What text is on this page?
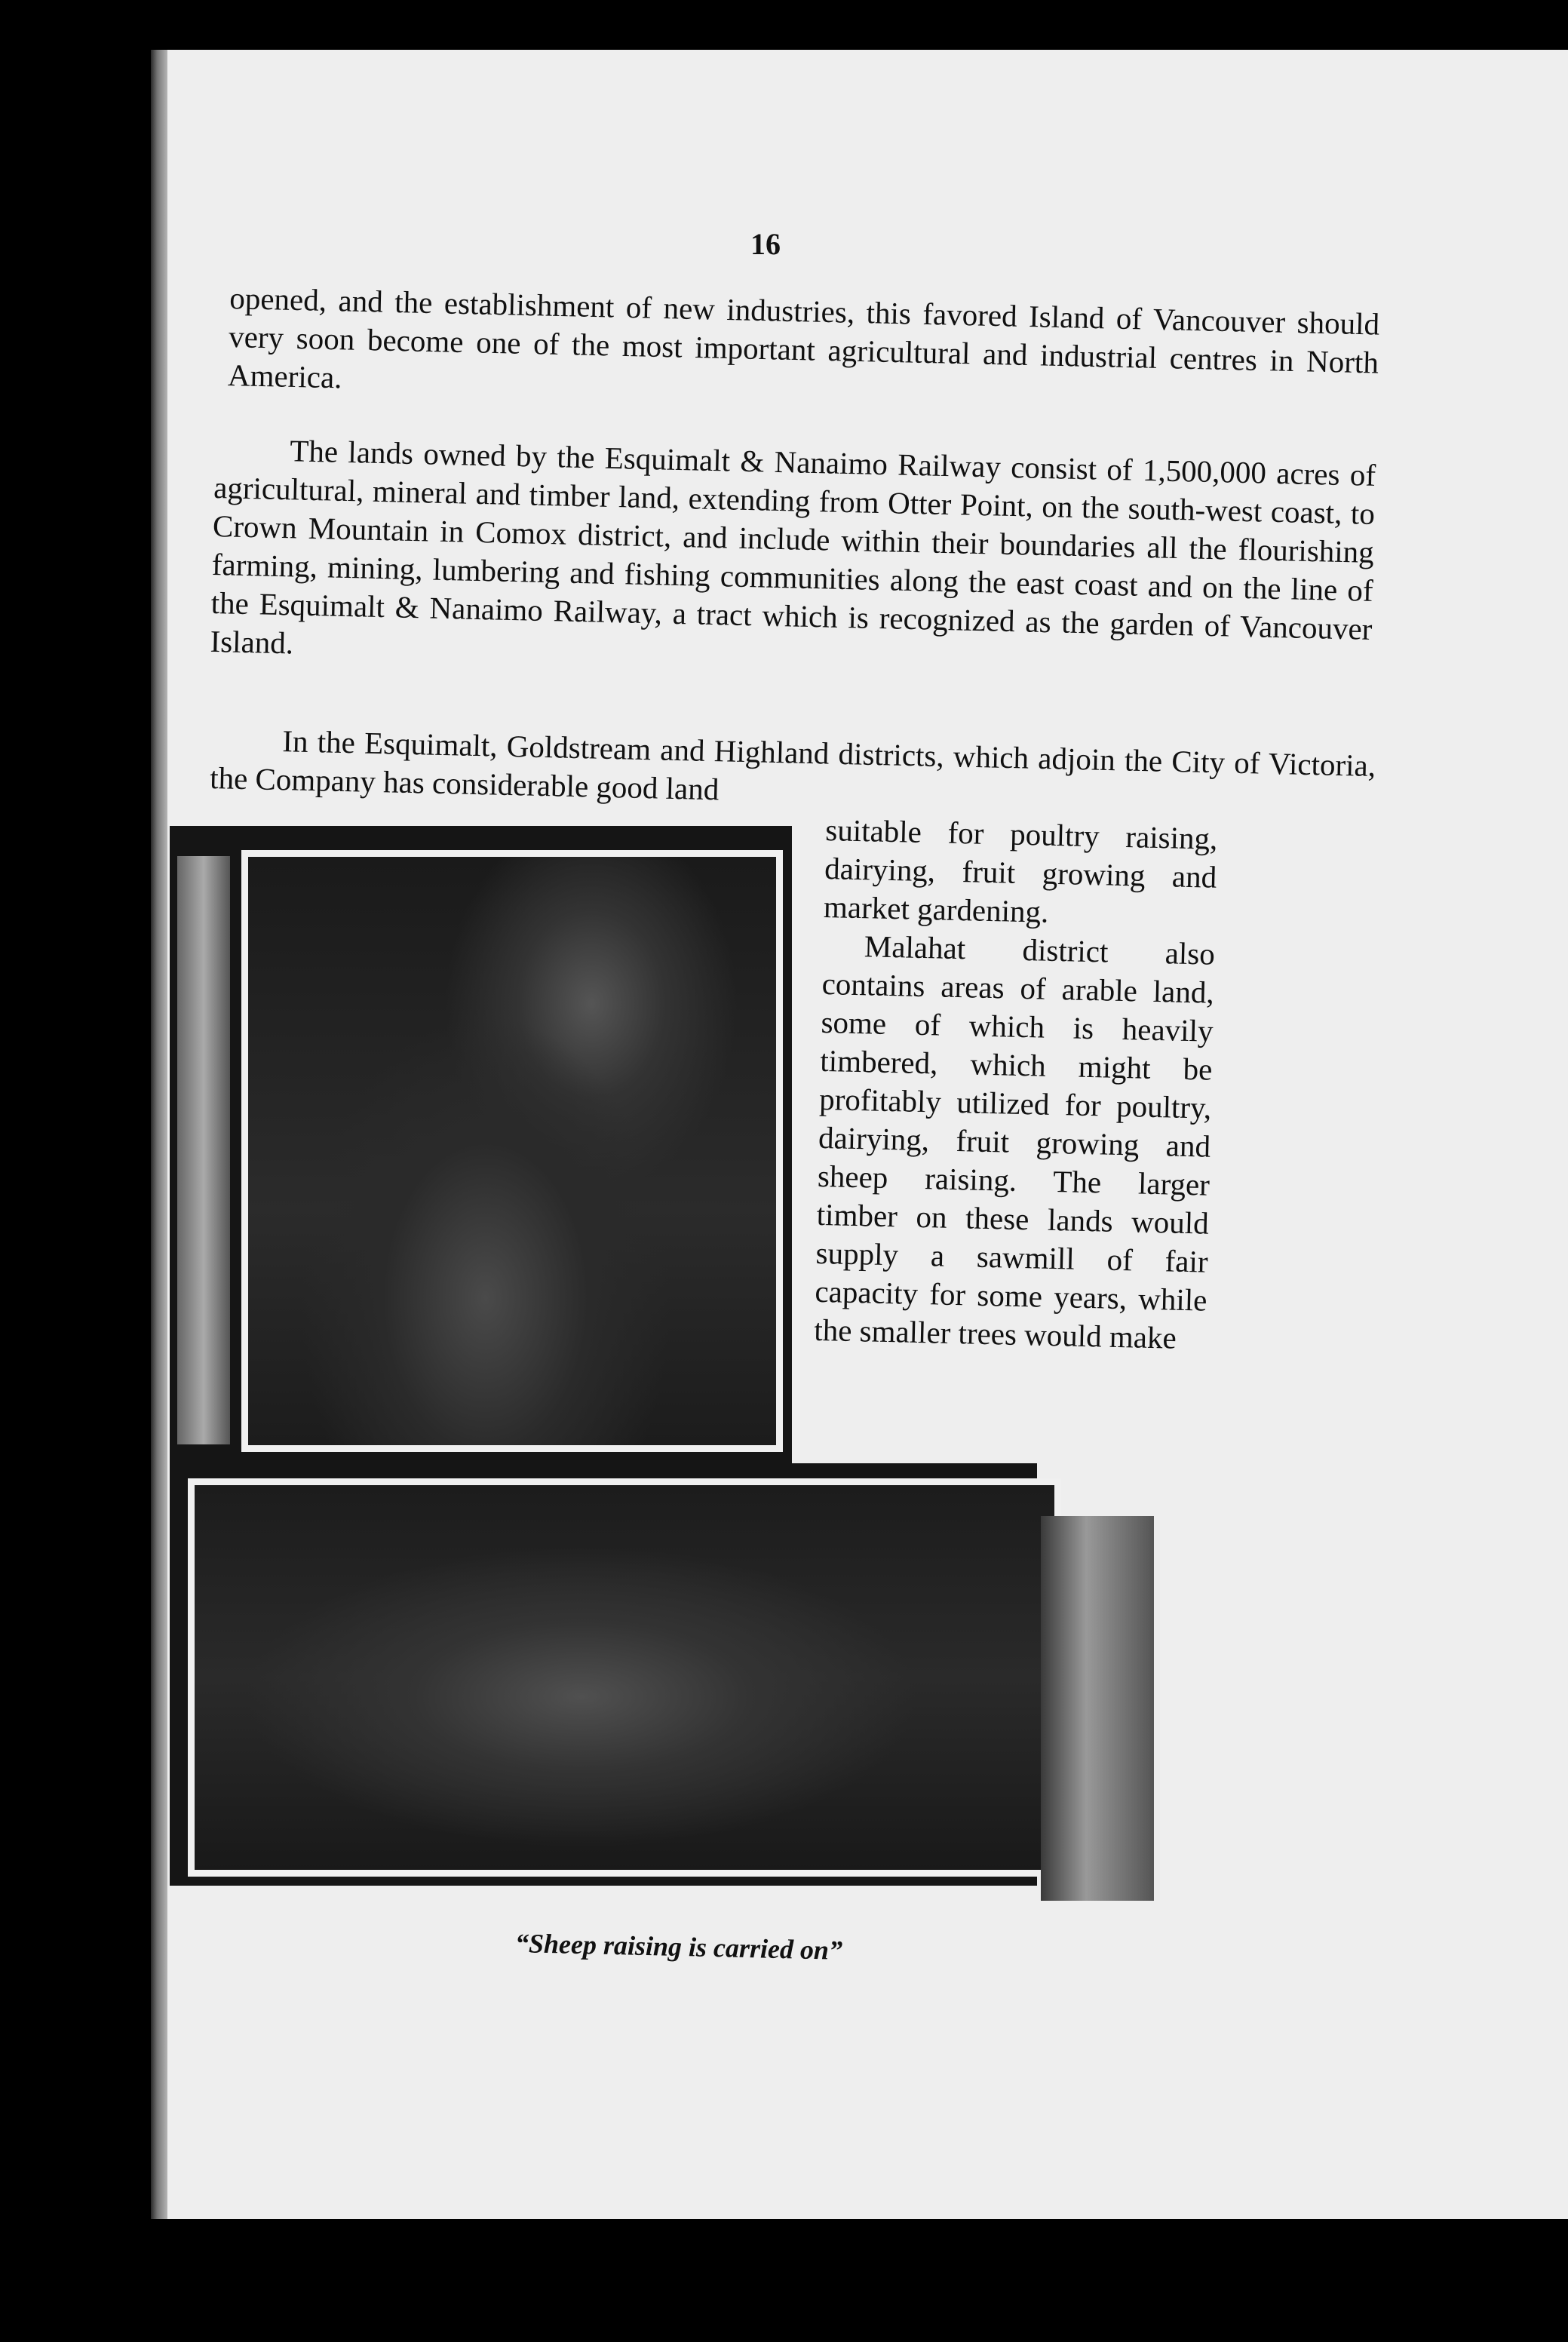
16

opened, and the establishment of new industries, this favored Island of Vancouver should very soon become one of the most important agricultural and industrial centres in North America.

The lands owned by the Esquimalt & Nanaimo Railway consist of 1,500,000 acres of agricultural, mineral and timber land, extending from Otter Point, on the south-west coast, to Crown Mountain in Comox district, and include within their boundaries all the flourishing farming, mining, lumbering and fishing communities along the east coast and on the line of the Esquimalt & Nanaimo Railway, a tract which is recognized as the garden of Vancouver Island.

In the Esquimalt, Goldstream and Highland districts, which adjoin the City of Victoria, the Company has considerable good land

suitable for poultry raising, dairying, fruit growing and market gardening.

Malahat district also contains areas of arable land, some of which is heavily timbered, which might be profitably utilized for poultry, dairying, fruit growing and sheep raising. The larger timber on these lands would supply a sawmill of fair capacity for some years, while the smaller trees would make

“Sheep raising is carried on”
